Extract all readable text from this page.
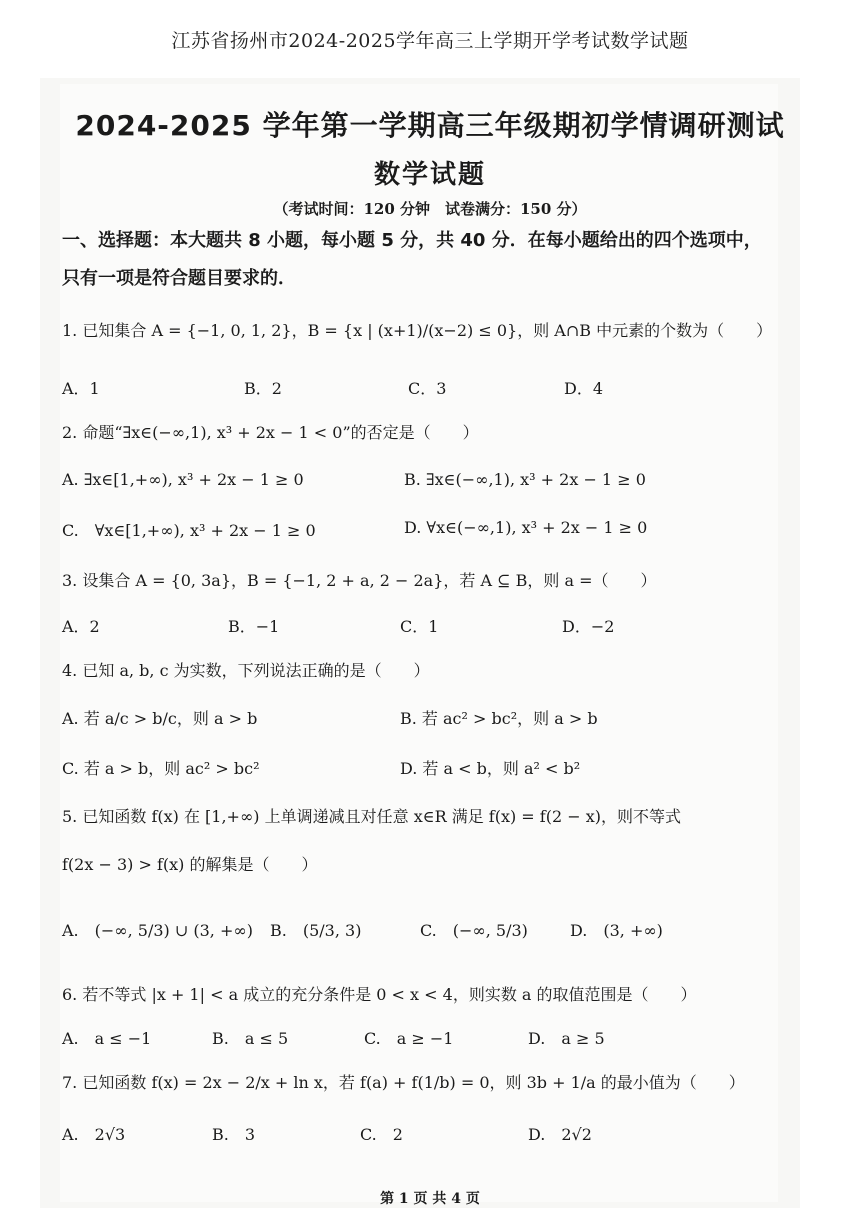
江苏省扬州市2024-2025学年高三上学期开学考试数学试题
2024-2025 学年第一学期高三年级期初学情调研测试
数学试题
（考试时间：120 分钟　试卷满分：150 分）
一、选择题：本大题共 8 小题，每小题 5 分，共 40 分．在每小题给出的四个选项中，
只有一项是符合题目要求的．
1. 已知集合 A = {−1, 0, 1, 2}，B = {x | (x+1)/(x−2) ≤ 0}，则 A∩B 中元素的个数为（　　）
A．1	B．2	C．3	D．4
2. 命题“∃x∈(−∞,1), x³ + 2x − 1 < 0”的否定是（　　）
A. ∃x∈[1,+∞), x³ + 2x − 1 ≥ 0	B. ∃x∈(−∞,1), x³ + 2x − 1 ≥ 0
C.　∀x∈[1,+∞), x³ + 2x − 1 ≥ 0	D. ∀x∈(−∞,1), x³ + 2x − 1 ≥ 0
3. 设集合 A = {0, 3a}，B = {−1, 2 + a, 2 − 2a}，若 A ⊆ B，则 a =（　　）
A．2	B．−1	C．1	D．−2
4. 已知 a, b, c 为实数，下列说法正确的是（　　）
A. 若 a/c > b/c，则 a > b	B. 若 ac² > bc²，则 a > b
C. 若 a > b，则 ac² > bc²	D. 若 a < b，则 a² < b²
5. 已知函数 f(x) 在 [1,+∞) 上单调递减且对任意 x∈R 满足 f(x) = f(2 − x)，则不等式
f(2x − 3) > f(x) 的解集是（　　）
A.　(−∞, 5/3) ∪ (3, +∞) B.　(5/3, 3)	C.　(−∞, 5/3)	D.　(3, +∞)
6. 若不等式 |x + 1| < a 成立的充分条件是 0 < x < 4，则实数 a 的取值范围是（　　）
A.　a ≤ −1	B.　a ≤ 5	C.　a ≥ −1	D.　a ≥ 5
7. 已知函数 f(x) = 2x − 2/x + ln x，若 f(a) + f(1/b) = 0，则 3b + 1/a 的最小值为（　　）
A.　2√3	B.　3	C.　2	D.　2√2
第 1 页 共 4 页
